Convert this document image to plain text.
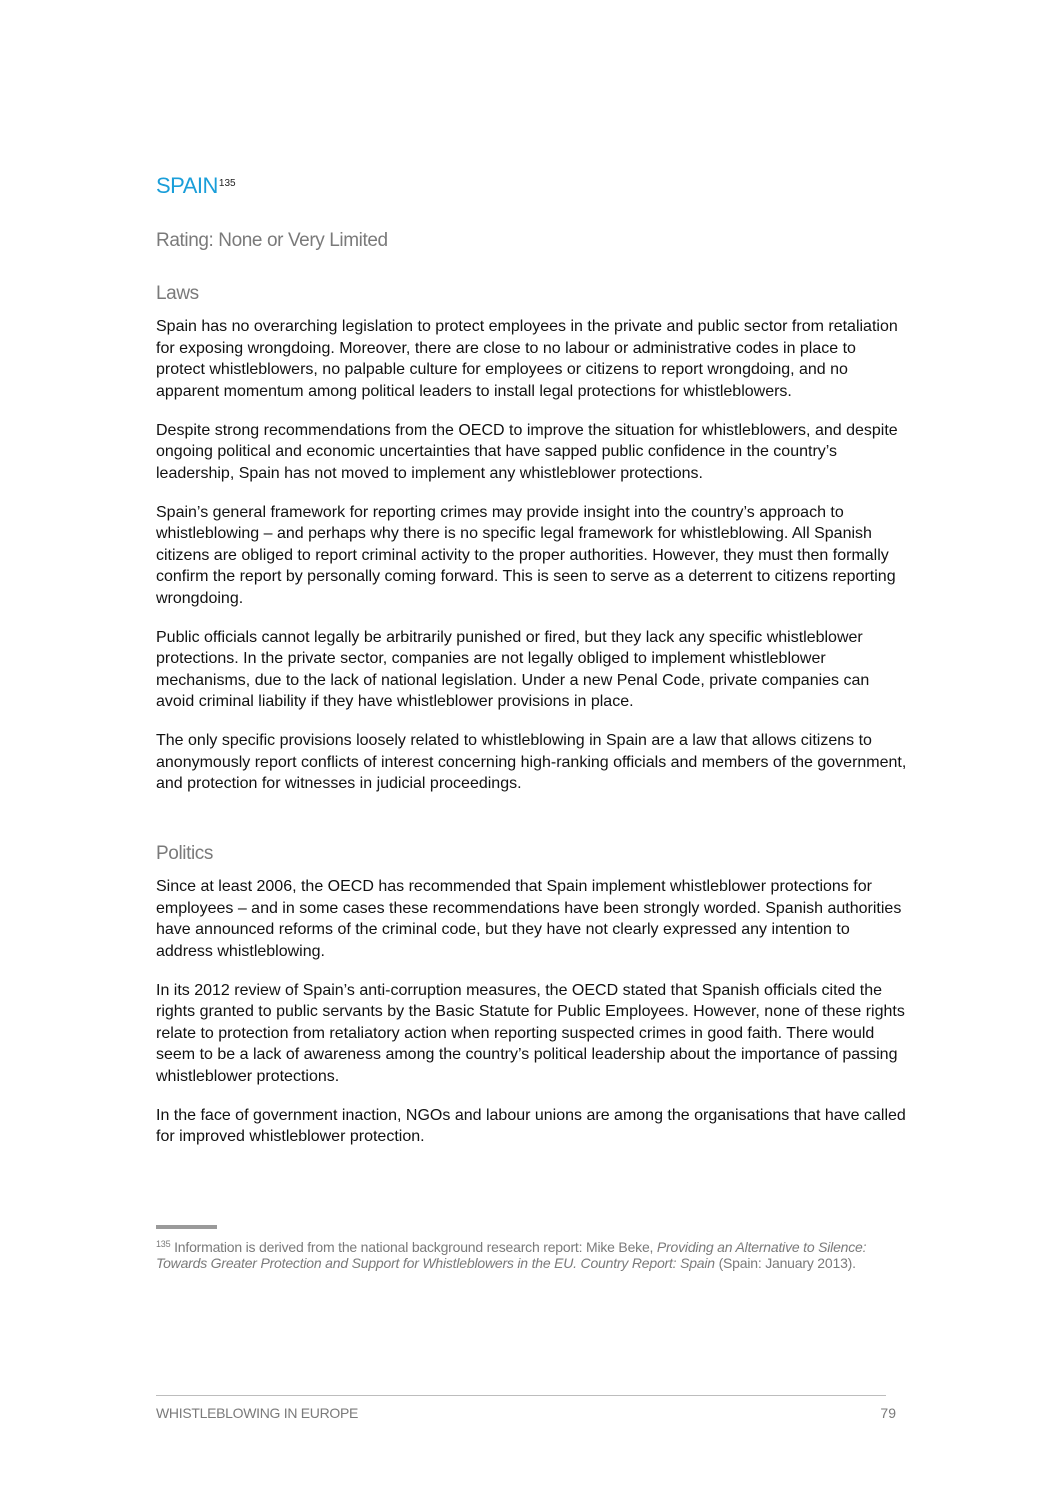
SPAIN$^{135}$
Rating: None or Very Limited
Laws

Spain has no overarching legislation to protect employees in the private and public sector from retaliation for exposing wrongdoing. Moreover, there are close to no labour or administrative codes in place to protect whistleblowers, no palpable culture for employees or citizens to report wrongdoing, and no apparent momentum among political leaders to install legal protections for whistleblowers.

Despite strong recommendations from the OECD to improve the situation for whistleblowers, and despite ongoing political and economic uncertainties that have sapped public confidence in the country’s leadership, Spain has not moved to implement any whistleblower protections.

Spain’s general framework for reporting crimes may provide insight into the country’s approach to whistleblowing – and perhaps why there is no specific legal framework for whistleblowing. All Spanish citizens are obliged to report criminal activity to the proper authorities. However, they must then formally confirm the report by personally coming forward. This is seen to serve as a deterrent to citizens reporting wrongdoing.

Public officials cannot legally be arbitrarily punished or fired, but they lack any specific whistleblower protections. In the private sector, companies are not legally obliged to implement whistleblower mechanisms, due to the lack of national legislation. Under a new Penal Code, private companies can avoid criminal liability if they have whistleblower provisions in place.

The only specific provisions loosely related to whistleblowing in Spain are a law that allows citizens to anonymously report conflicts of interest concerning high-ranking officials and members of the government, and protection for witnesses in judicial proceedings.

Politics

Since at least 2006, the OECD has recommended that Spain implement whistleblower protections for employees – and in some cases these recommendations have been strongly worded. Spanish authorities have announced reforms of the criminal code, but they have not clearly expressed any intention to address whistleblowing.

In its 2012 review of Spain’s anti-corruption measures, the OECD stated that Spanish officials cited the rights granted to public servants by the Basic Statute for Public Employees. However, none of these rights relate to protection from retaliatory action when reporting suspected crimes in good faith. There would seem to be a lack of awareness among the country’s political leadership about the importance of passing whistleblower protections.

In the face of government inaction, NGOs and labour unions are among the organisations that have called for improved whistleblower protection.

$^{135}$ Information is derived from the national background research report: Mike Beke, Providing an Alternative to Silence: Towards Greater Protection and Support for Whistleblowers in the EU. Country Report: Spain (Spain: January 2013).

WHISTLEBLOWING IN EUROPE	79
